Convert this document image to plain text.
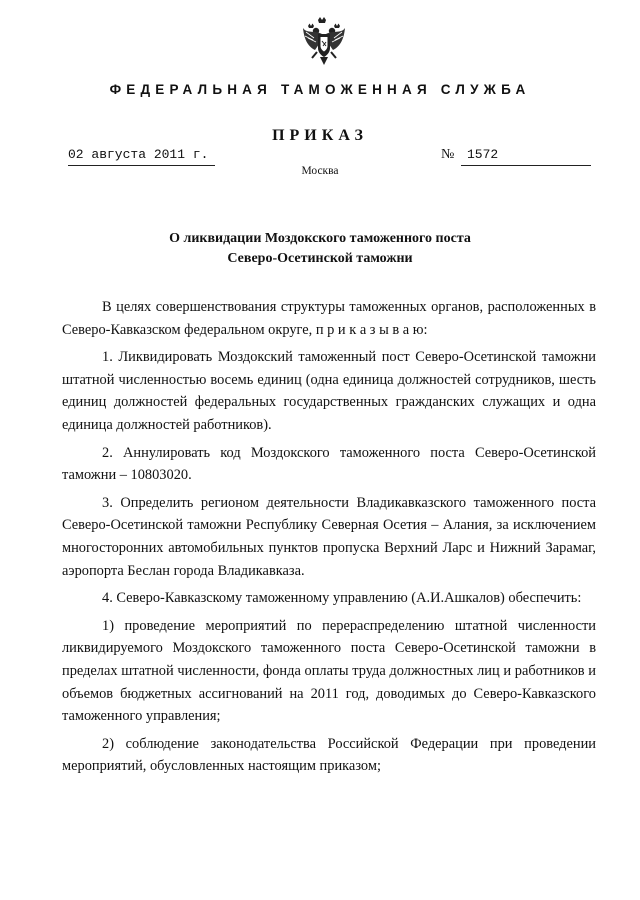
ФЕДЕРАЛЬНАЯ ТАМОЖЕННАЯ СЛУЖБА
ПРИКАЗ
02 августа 2011 г.	№ 1572
Москва
О ликвидации Моздокского таможенного поста
Северо-Осетинской таможни

В целях совершенствования структуры таможенных органов, расположенных в Северо-Кавказском федеральном округе, п р и к а з ы в а ю:

1. Ликвидировать Моздокский таможенный пост Северо-Осетинской таможни штатной численностью восемь единиц (одна единица должностей сотрудников, шесть единиц должностей федеральных государственных гражданских служащих и одна единица должностей работников).

2. Аннулировать код Моздокского таможенного поста Северо-Осетинской таможни – 10803020.

3. Определить регионом деятельности Владикавказского таможенного поста Северо-Осетинской таможни Республику Северная Осетия – Алания, за исключением многосторонних автомобильных пунктов пропуска Верхний Ларс и Нижний Зарамаг, аэропорта Беслан города Владикавказа.

4. Северо-Кавказскому таможенному управлению (А.И.Ашкалов) обеспечить:

1) проведение мероприятий по перераспределению штатной численности ликвидируемого Моздокского таможенного поста Северо-Осетинской таможни в пределах штатной численности, фонда оплаты труда должностных лиц и работников и объемов бюджетных ассигнований на 2011 год, доводимых до Северо-Кавказского таможенного управления;

2) соблюдение законодательства Российской Федерации при проведении мероприятий, обусловленных настоящим приказом;
